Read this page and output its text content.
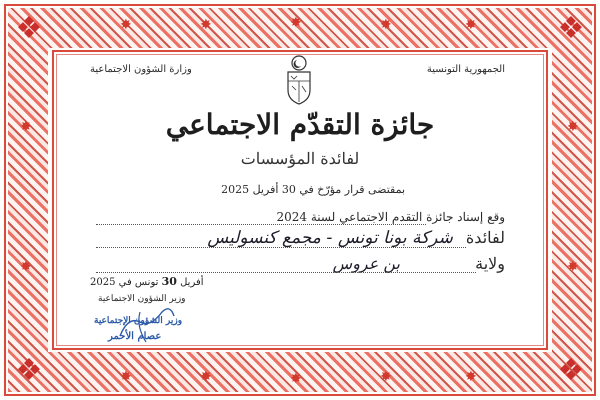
❖	❖
❖	❖
✸	✸	✸	✸	✸
✸	✸	✸	✸	✸
✸
✸
✸
✸
وزارة الشؤون الاجتماعية	الجمهورية التونسية
جائزة التقدّم الاجتماعي
لفائدة المؤسسات
بمقتضى قرار مؤرّخ في 30 أفريل 2025
وقع إسناد جائزة التقدم الاجتماعي لسنة 2024
لفائدة شركة بونا تونس - مجمع كنسوليس
ولاية بن عروس
2025	أفريل 30 تونس في
وزير الشؤون الاجتماعية
وزير الشؤون الإجتماعية
عصام الأحمر
